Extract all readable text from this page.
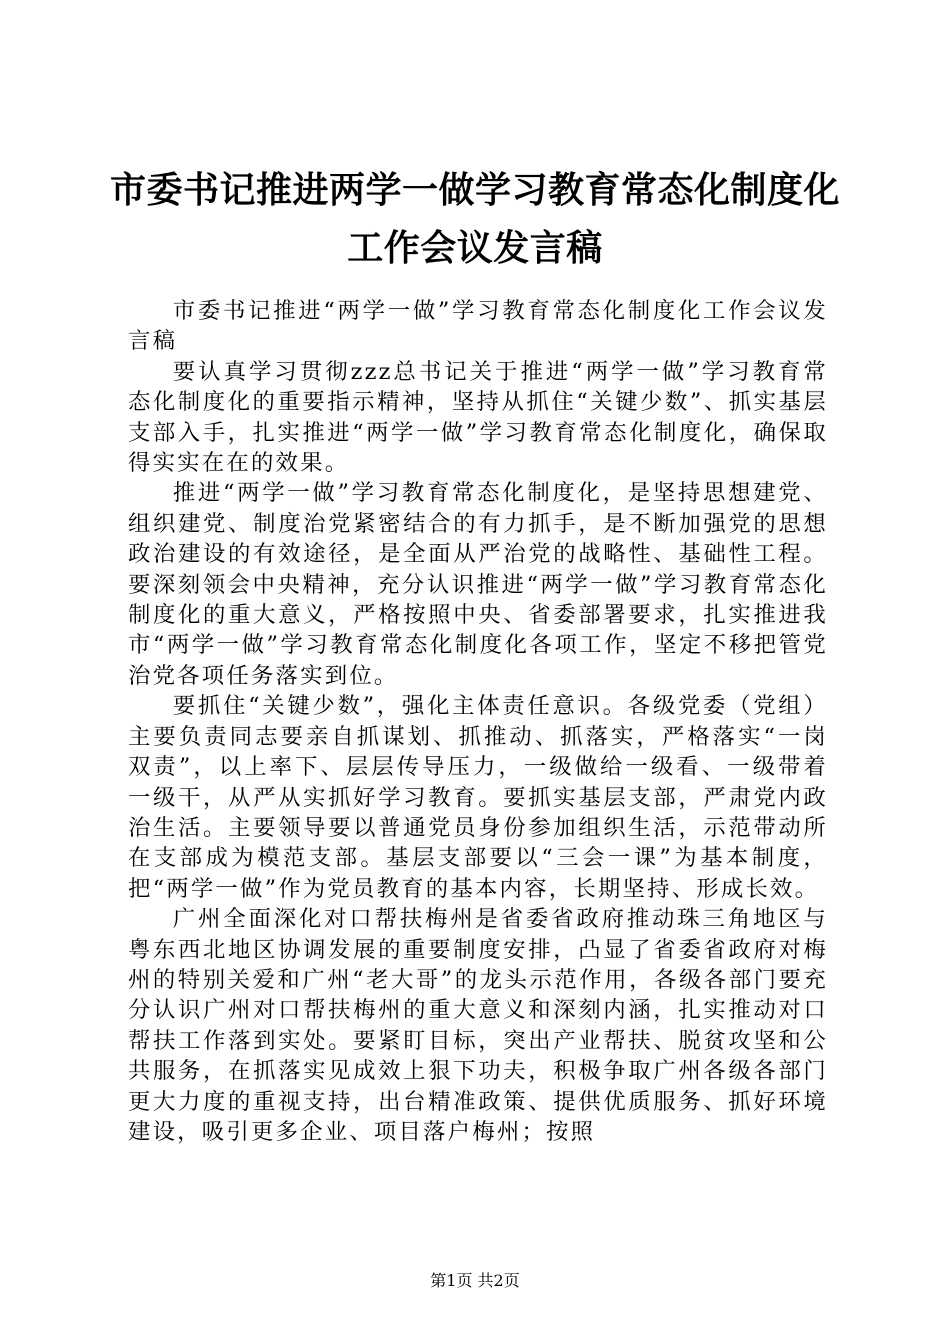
市委书记推进两学一做学习教育常态化制度化
工作会议发言稿

市委书记推进“两学一做”学习教育常态化制度化工作会议发言稿

要认真学习贯彻zzz总书记关于推进“两学一做”学习教育常态化制度化的重要指示精神，坚持从抓住“关键少数”、抓实基层支部入手，扎实推进“两学一做”学习教育常态化制度化，确保取得实实在在的效果。

推进“两学一做”学习教育常态化制度化，是坚持思想建党、组织建党、制度治党紧密结合的有力抓手，是不断加强党的思想政治建设的有效途径，是全面从严治党的战略性、基础性工程。要深刻领会中央精神，充分认识推进“两学一做”学习教育常态化制度化的重大意义，严格按照中央、省委部署要求，扎实推进我市“两学一做”学习教育常态化制度化各项工作，坚定不移把管党治党各项任务落实到位。

要抓住“关键少数”，强化主体责任意识。各级党委（党组）主要负责同志要亲自抓谋划、抓推动、抓落实，严格落实“一岗双责”，以上率下、层层传导压力，一级做给一级看、一级带着一级干，从严从实抓好学习教育。要抓实基层支部，严肃党内政治生活。主要领导要以普通党员身份参加组织生活，示范带动所在支部成为模范支部。基层支部要以“三会一课”为基本制度，把“两学一做”作为党员教育的基本内容，长期坚持、形成长效。

广州全面深化对口帮扶梅州是省委省政府推动珠三角地区与粤东西北地区协调发展的重要制度安排，凸显了省委省政府对梅州的特别关爱和广州“老大哥”的龙头示范作用，各级各部门要充分认识广州对口帮扶梅州的重大意义和深刻内涵，扎实推动对口帮扶工作落到实处。要紧盯目标，突出产业帮扶、脱贫攻坚和公共服务，在抓落实见成效上狠下功夫，积极争取广州各级各部门更大力度的重视支持，出台精准政策、提供优质服务、抓好环境建设，吸引更多企业、项目落户梅州；按照

第1页 共2页
